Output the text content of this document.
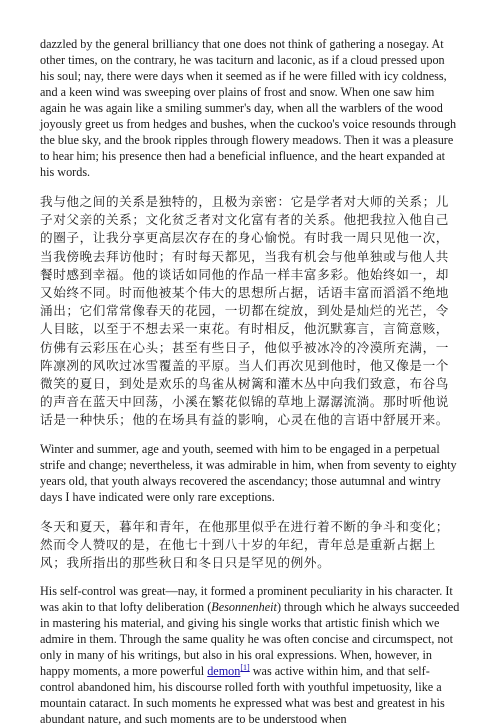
dazzled by the general brilliancy that one does not think of gathering a nosegay. At other times, on the contrary, he was taciturn and laconic, as if a cloud pressed upon his soul; nay, there were days when it seemed as if he were filled with icy coldness, and a keen wind was sweeping over plains of frost and snow. When one saw him again he was again like a smiling summer's day, when all the warblers of the wood joyously greet us from hedges and bushes, when the cuckoo's voice resounds through the blue sky, and the brook ripples through flowery meadows. Then it was a pleasure to hear him; his presence then had a beneficial influence, and the heart expanded at his words.

我与他之间的关系是独特的，且极为亲密：它是学者对大师的关系；儿子对父亲的关系；文化贫乏者对文化富有者的关系。他把我拉入他自己的圈子，让我分享更高层次存在的身心愉悦。有时我一周只见他一次，当我傍晚去拜访他时；有时每天都见，当我有机会与他单独或与他人共餐时感到幸福。他的谈话如同他的作品一样丰富多彩。他始终如一，却又始终不同。时而他被某个伟大的思想所占据，话语丰富而滔滔不绝地涌出；它们常常像春天的花园，一切都在绽放，到处是灿烂的光芒，令人目眩，以至于不想去采一束花。有时相反，他沉默寡言，言简意赅，仿佛有云彩压在心头；甚至有些日子，他似乎被冰冷的冷漠所充满，一阵凛冽的风吹过冰雪覆盖的平原。当人们再次见到他时，他又像是一个微笑的夏日，到处是欢乐的鸟雀从树篱和灌木丛中向我们致意，布谷鸟的声音在蓝天中回荡，小溪在繁花似锦的草地上潺潺流淌。那时听他说话是一种快乐；他的在场具有益的影响，心灵在他的言语中舒展开来。

Winter and summer, age and youth, seemed with him to be engaged in a perpetual strife and change; nevertheless, it was admirable in him, when from seventy to eighty years old, that youth always recovered the ascendancy; those autumnal and wintry days I have indicated were only rare exceptions.

冬天和夏天，暮年和青年，在他那里似乎在进行着不断的争斗和变化；然而令人赞叹的是，在他七十到八十岁的年纪，青年总是重新占据上风；我所指出的那些秋日和冬日只是罕见的例外。

His self-control was great—nay, it formed a prominent peculiarity in his character. It was akin to that lofty deliberation (Besonnenheit) through which he always succeeded in mastering his material, and giving his single works that artistic finish which we admire in them. Through the same quality he was often concise and circumspect, not only in many of his writings, but also in his oral expressions. When, however, in happy moments, a more powerful demon[1] was active within him, and that self-control abandoned him, his discourse rolled forth with youthful impetuosity, like a mountain cataract. In such moments he expressed what was best and greatest in his abundant nature, and such moments are to be understood when
